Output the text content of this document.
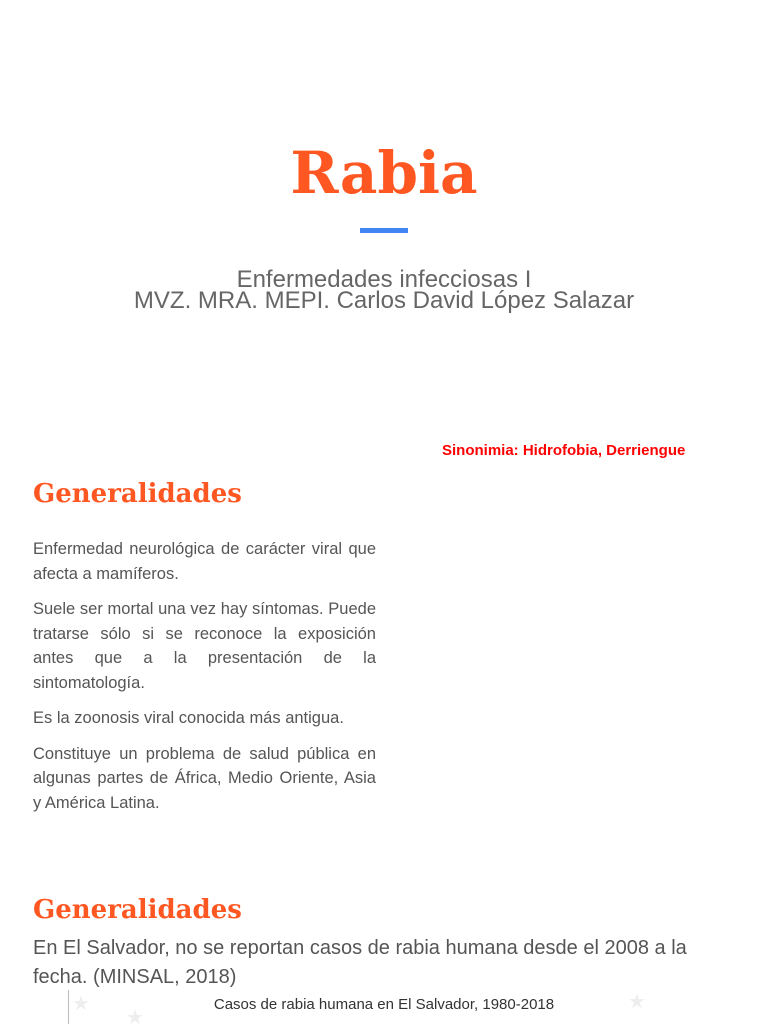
Rabia
Enfermedades infecciosas I
MVZ. MRA. MEPI. Carlos David López Salazar
Sinonimia: Hidrofobia, Derriengue
Generalidades

Enfermedad neurológica de carácter viral que afecta a mamíferos.

Suele ser mortal una vez hay síntomas. Puede tratarse sólo si se reconoce la exposición antes que a la presentación de la sintomatología.

Es la zoonosis viral conocida más antigua.

Constituye un problema de salud pública en algunas partes de África, Medio Oriente, Asia y América Latina.

Generalidades
En El Salvador, no se reportan casos de rabia humana desde el 2008 a la fecha. (MINSAL, 2018)
★
★
★
Casos de rabia humana en El Salvador, 1980-2018
